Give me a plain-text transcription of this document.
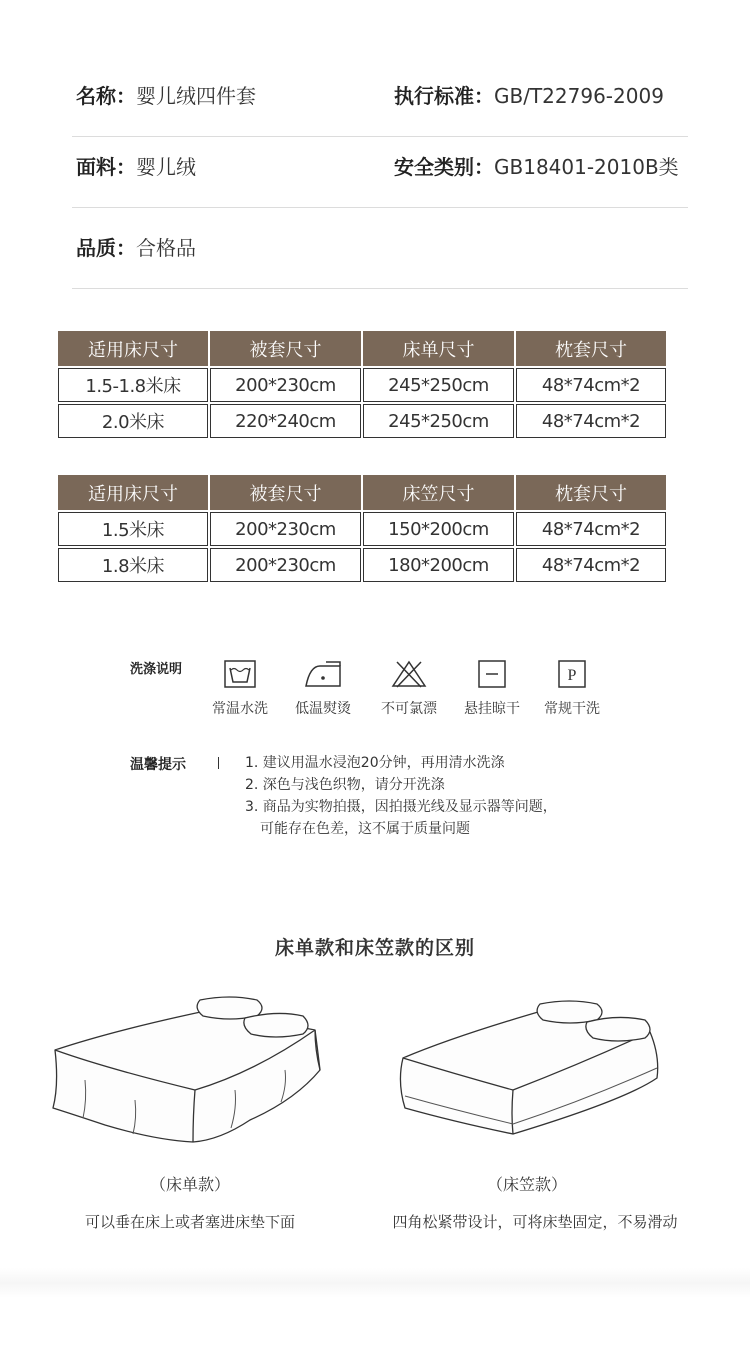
名称：婴儿绒四件套	执行标准：GB/T22796-2009
面料：婴儿绒	安全类别：GB18401-2010B类
品质：合格品
适用床尺寸	被套尺寸	床单尺寸	枕套尺寸
1.5-1.8米床	200*230cm	245*250cm	48*74cm*2
2.0米床	220*240cm	245*250cm	48*74cm*2
适用床尺寸	被套尺寸	床笠尺寸	枕套尺寸
1.5米床	200*230cm	150*200cm	48*74cm*2
1.8米床	200*230cm	180*200cm	48*74cm*2
洗涤说明
常温水洗	低温熨烫	不可氯漂	悬挂晾干
P
常规干洗
温馨提示	1. 建议用温水浸泡20分钟，再用清水洗涤
2. 深色与浅色织物，请分开洗涤
3. 商品为实物拍摄，因拍摄光线及显示器等问题，
可能存在色差，这不属于质量问题
床单款和床笠款的区别
（床单款）	（床笠款）
可以垂在床上或者塞进床垫下面	四角松紧带设计，可将床垫固定，不易滑动
